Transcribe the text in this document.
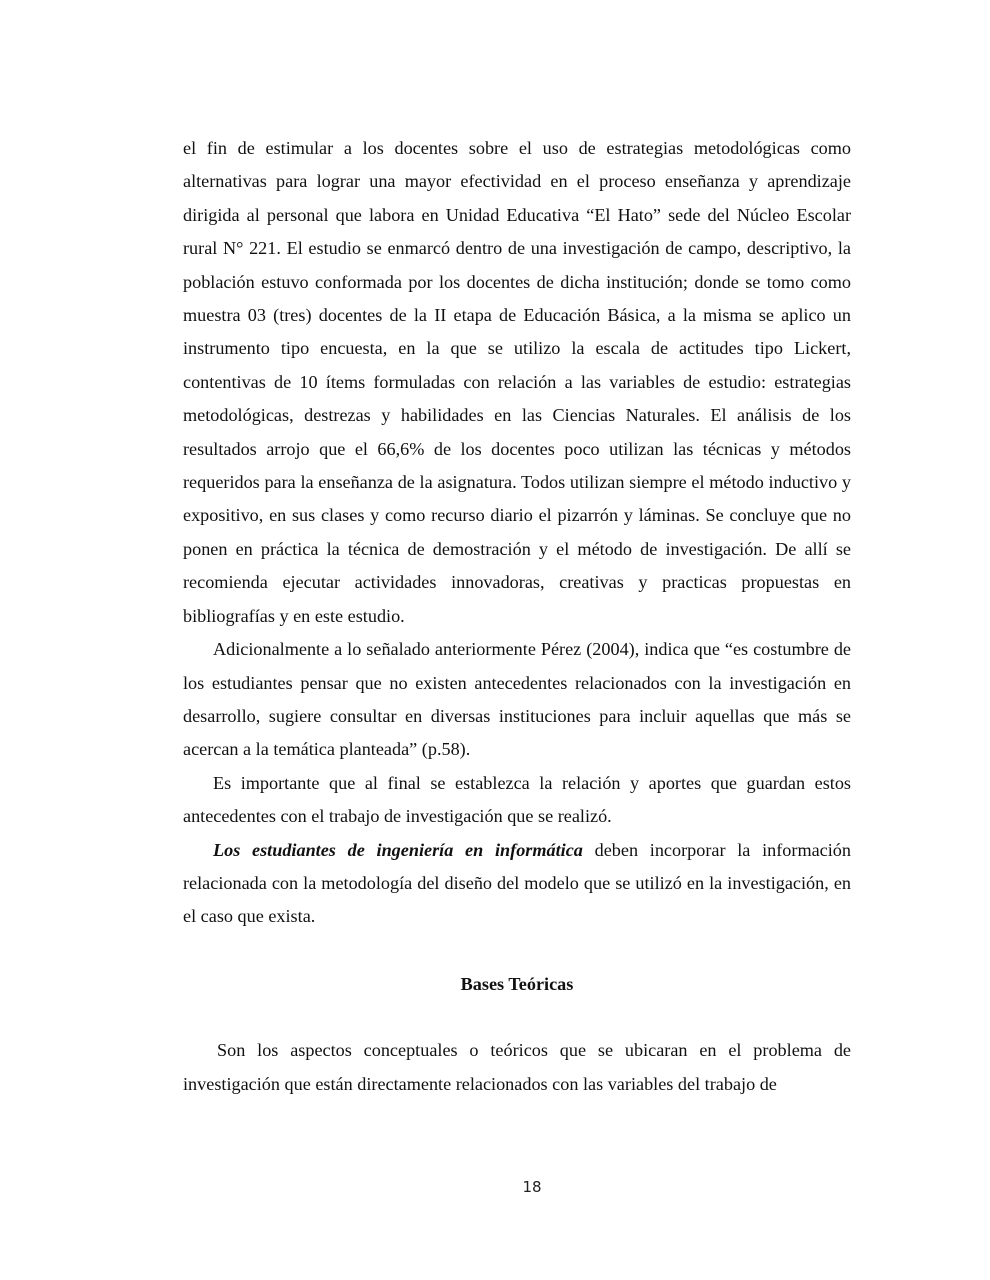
el fin de estimular a los docentes sobre el uso de estrategias metodológicas como alternativas para lograr una mayor efectividad en el proceso enseñanza y aprendizaje dirigida al personal que labora en Unidad Educativa “El Hato” sede del Núcleo Escolar rural N° 221. El estudio se enmarcó dentro de una investigación de campo, descriptivo, la población estuvo conformada por los docentes de dicha institución; donde se tomo como muestra 03 (tres) docentes de la II etapa de Educación Básica, a la misma se aplico un instrumento tipo encuesta, en la que se utilizo la escala de actitudes tipo Lickert, contentivas de 10 ítems formuladas con relación a las variables de estudio: estrategias metodológicas, destrezas y habilidades en las Ciencias Naturales. El análisis de los resultados arrojo que el 66,6% de los docentes poco utilizan las técnicas y métodos requeridos para la enseñanza de la asignatura. Todos utilizan siempre el método inductivo y expositivo, en sus clases y como recurso diario el pizarrón y láminas. Se concluye que no ponen en práctica la técnica de demostración y el método de investigación. De allí se recomienda ejecutar actividades innovadoras, creativas y practicas propuestas en bibliografías y en este estudio.

Adicionalmente a lo señalado anteriormente Pérez (2004), indica que “es costumbre de los estudiantes pensar que no existen antecedentes relacionados con la investigación en desarrollo, sugiere consultar en diversas instituciones para incluir aquellas que más se acercan a la temática planteada” (p.58).

Es importante que al final se establezca la relación y aportes que guardan estos antecedentes con el trabajo de investigación que se realizó.

Los estudiantes de ingeniería en informática deben incorporar la información relacionada con la metodología del diseño del modelo que se utilizó en la investigación, en el caso que exista.

Bases Teóricas

Son los aspectos conceptuales o teóricos que se ubicaran en el problema de investigación que están directamente relacionados con las variables del trabajo de

18
